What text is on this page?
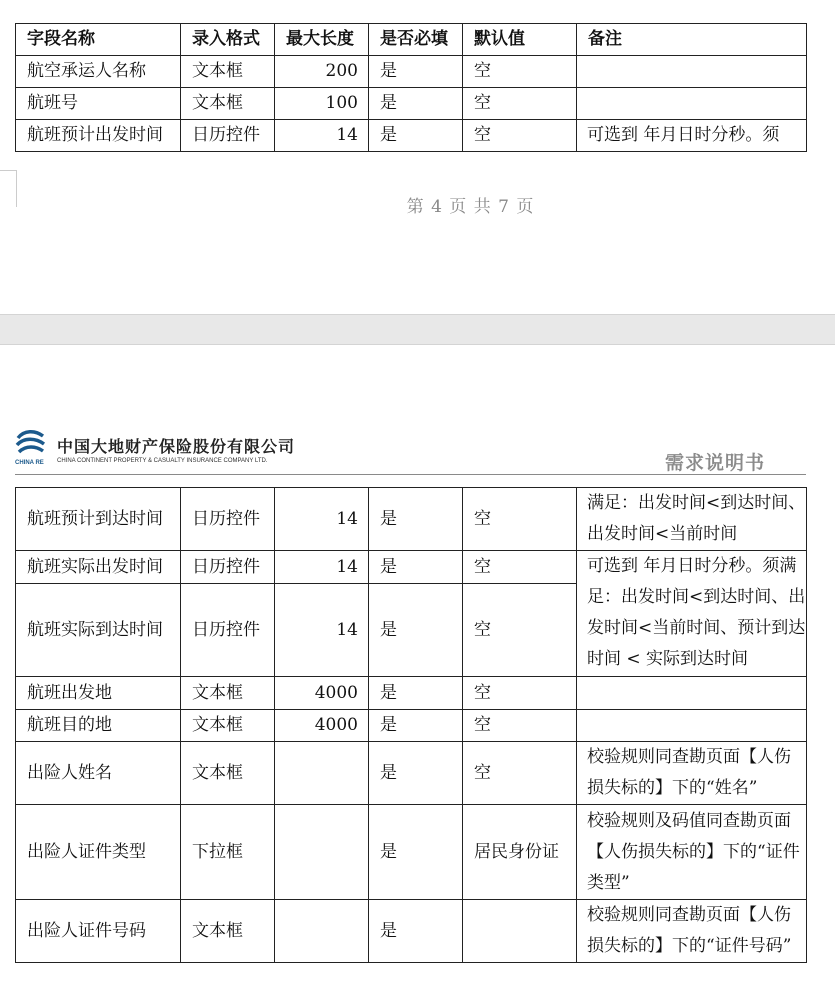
字段名称	录入格式	最大长度	是否必填	默认值	备注
航空承运人名称	文本框	200	是	空	
航班号	文本框	100	是	空	
航班预计出发时间	日历控件	14	是	空	可选到 年月日时分秒。须
第 4 页 共 7 页
CHINA RE
中国大地财产保险股份有限公司
CHINA CONTINENT PROPERTY & CASUALTY INSURANCE COMPANY LTD.	需求说明书
航班预计到达时间	日历控件	14	是	空	满足：出发时间<到达时间、出发时间<当前时间
航班实际出发时间	日历控件	14	是	空	可选到 年月日时分秒。须满足：出发时间<到达时间、出发时间<当前时间、预计到达时间 < 实际到达时间
航班实际到达时间	日历控件	14	是	空	
航班出发地	文本框	4000	是	空	
航班目的地	文本框	4000	是	空	
出险人姓名	文本框		是	空	校验规则同查勘页面【人伤损失标的】下的“姓名”
出险人证件类型	下拉框		是	居民身份证	校验规则及码值同查勘页面【人伤损失标的】下的“证件类型”
出险人证件号码	文本框		是		校验规则同查勘页面【人伤损失标的】下的“证件号码”
